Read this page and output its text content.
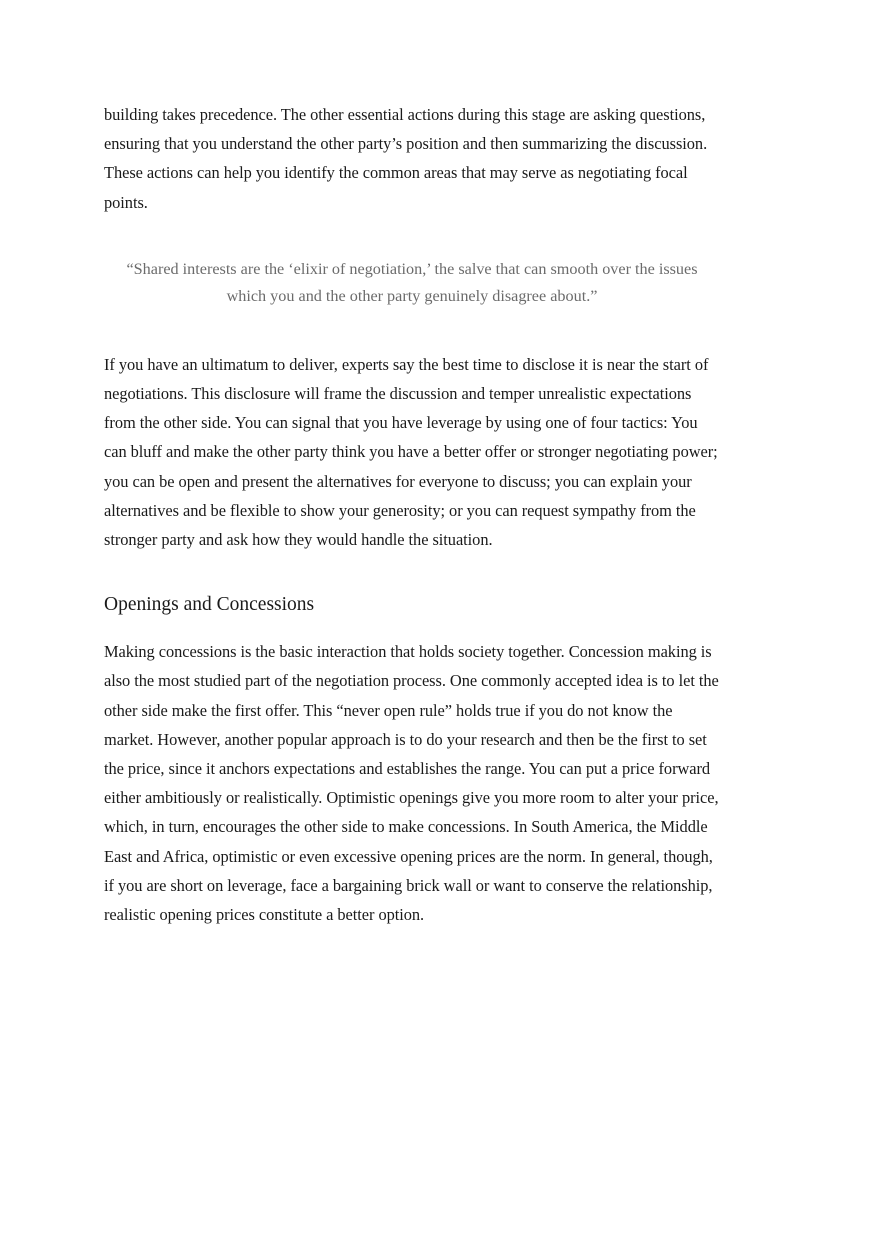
building takes precedence. The other essential actions during this stage are asking questions, ensuring that you understand the other party’s position and then summarizing the discussion. These actions can help you identify the common areas that may serve as negotiating focal points.

“Shared interests are the ‘elixir of negotiation,’ the salve that can smooth over the issues which you and the other party genuinely disagree about.”

If you have an ultimatum to deliver, experts say the best time to disclose it is near the start of negotiations. This disclosure will frame the discussion and temper unrealistic expectations from the other side. You can signal that you have leverage by using one of four tactics: You can bluff and make the other party think you have a better offer or stronger negotiating power; you can be open and present the alternatives for everyone to discuss; you can explain your alternatives and be flexible to show your generosity; or you can request sympathy from the stronger party and ask how they would handle the situation.

Openings and Concessions

Making concessions is the basic interaction that holds society together. Concession making is also the most studied part of the negotiation process. One commonly accepted idea is to let the other side make the first offer. This “never open rule” holds true if you do not know the market. However, another popular approach is to do your research and then be the first to set the price, since it anchors expectations and establishes the range. You can put a price forward either ambitiously or realistically. Optimistic openings give you more room to alter your price, which, in turn, encourages the other side to make concessions. In South America, the Middle East and Africa, optimistic or even excessive opening prices are the norm. In general, though, if you are short on leverage, face a bargaining brick wall or want to conserve the relationship, realistic opening prices constitute a better option.
